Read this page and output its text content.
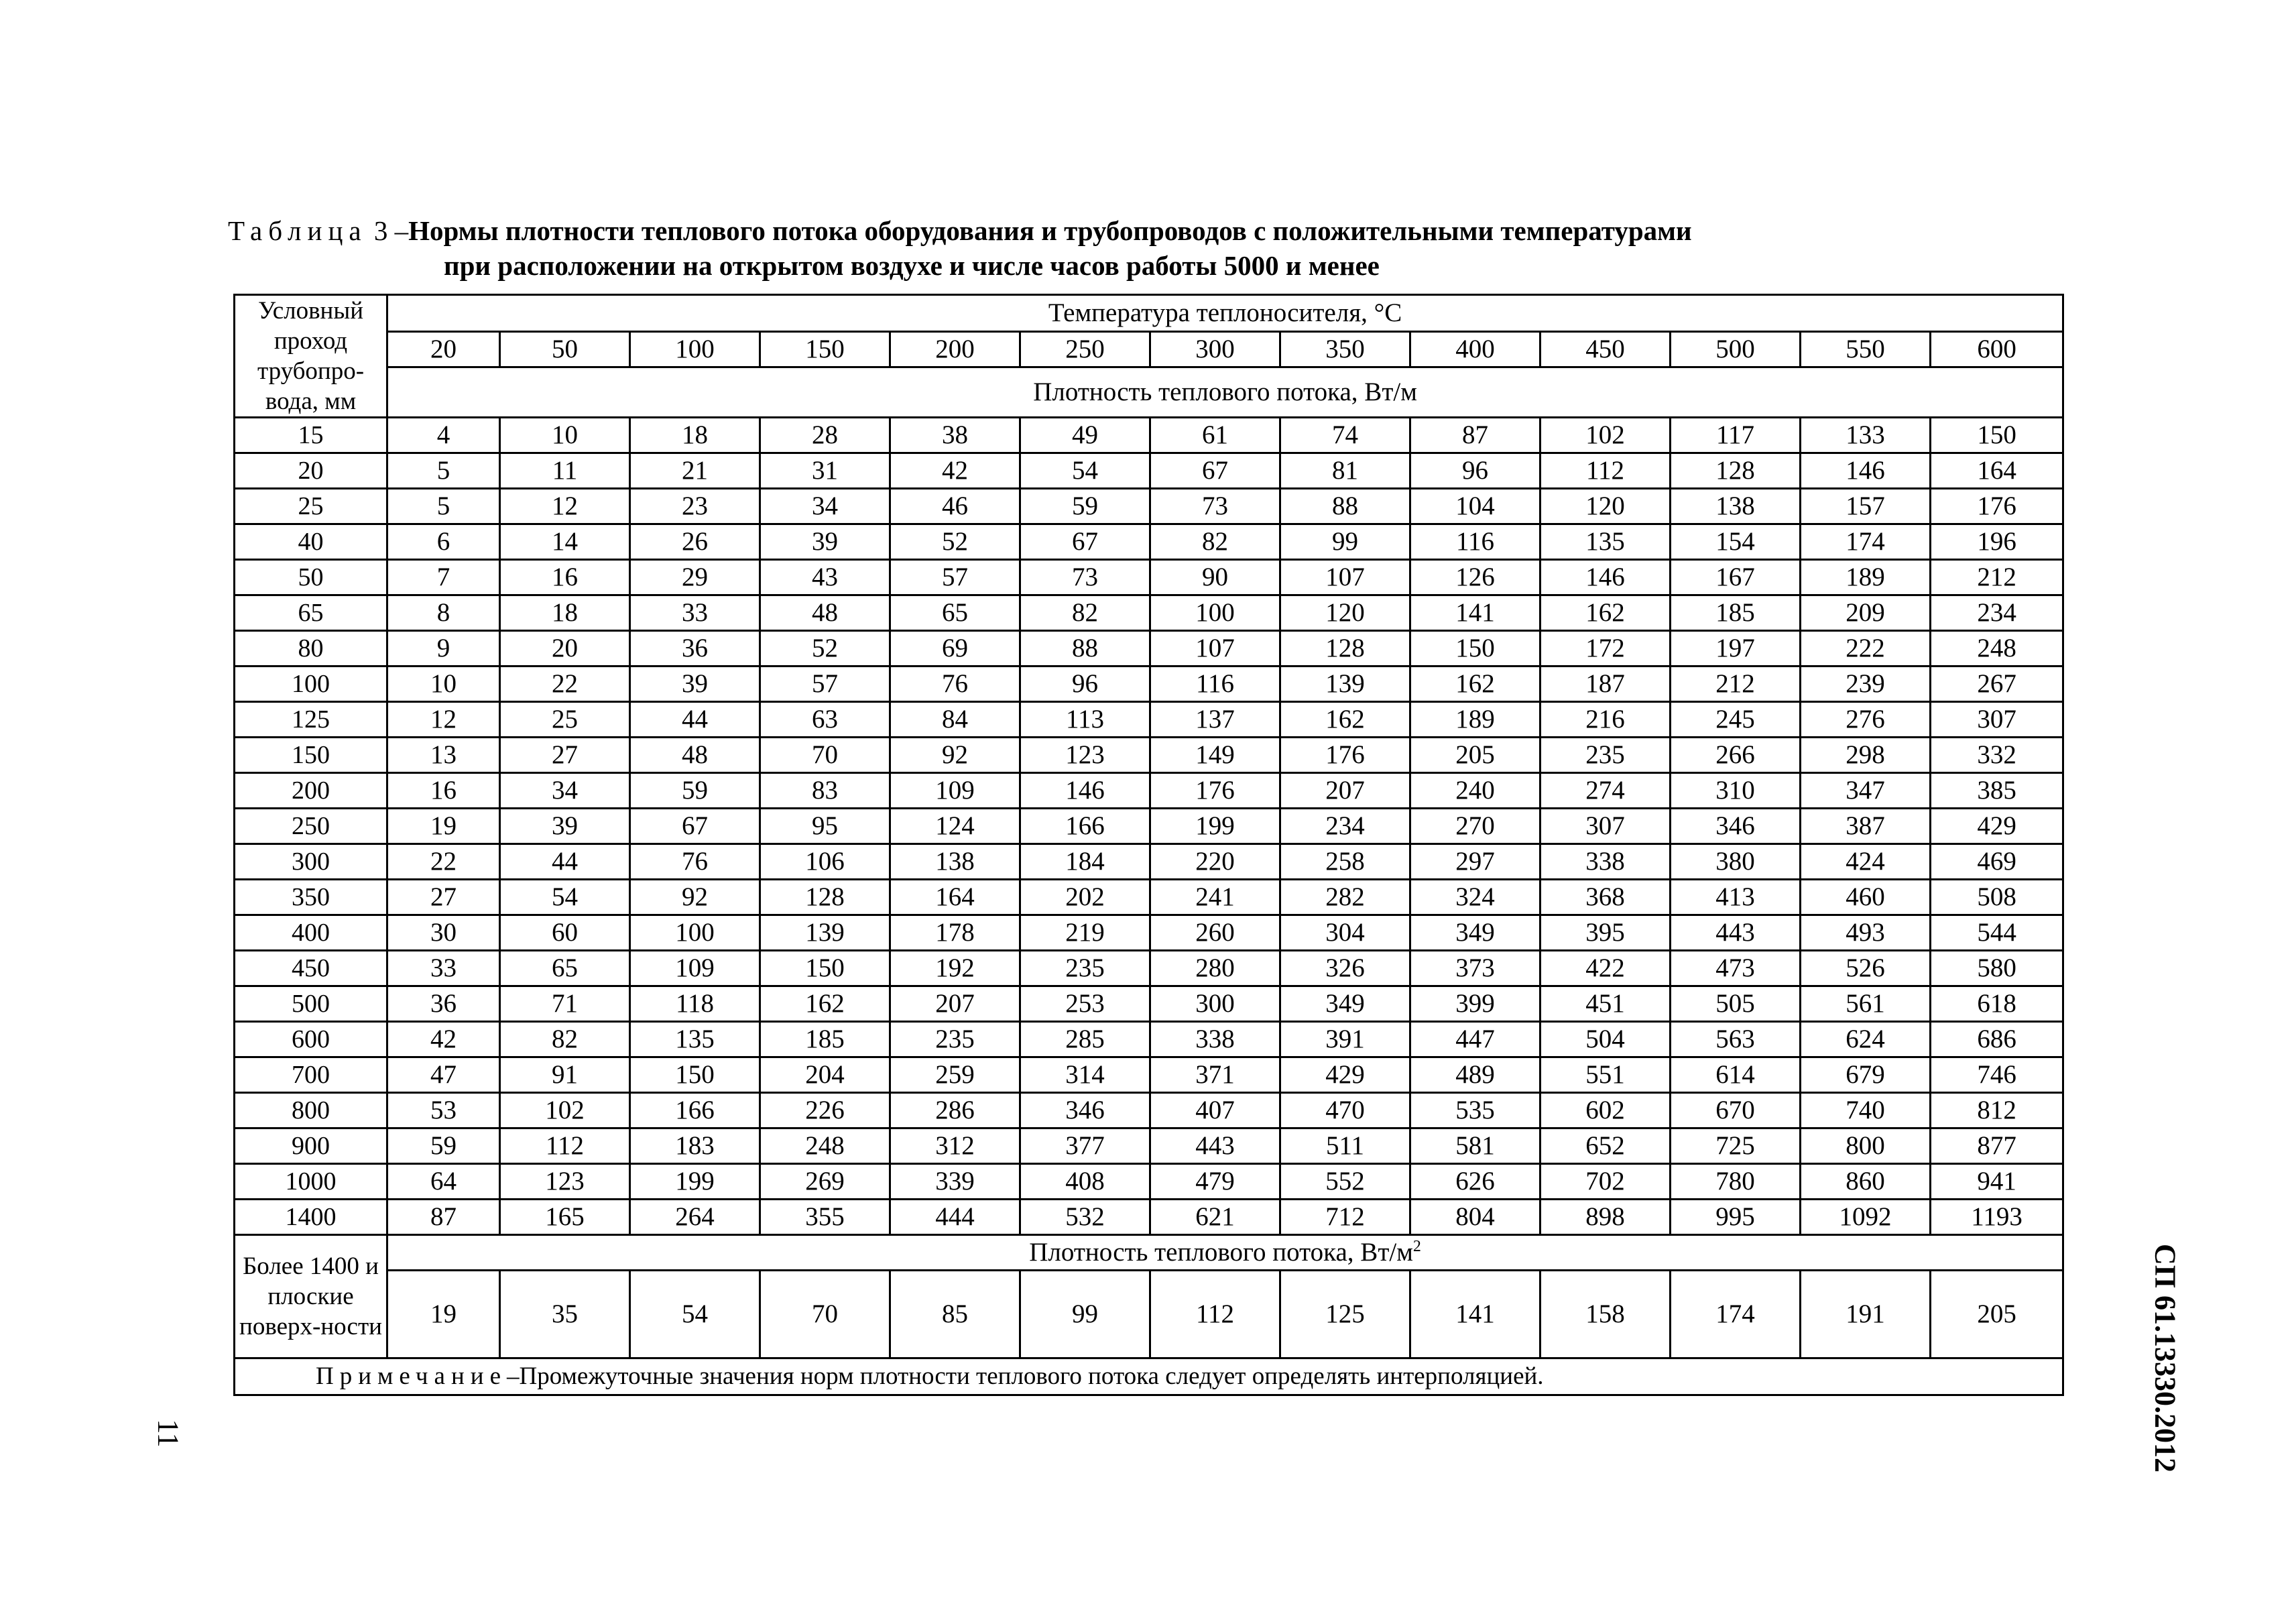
Таблица 3 –Нормы плотности теплового потока оборудования и трубопроводов с положительными температурами
при расположении на открытом воздухе и числе часов работы 5000 и менее
Условный проход трубопро-вода, мм	Температура теплоносителя, °С												
	20	50	100	150	200	250	300	350	400	450	500	550	600
	Плотность теплового потока, Вт/м												
15	4	10	18	28	38	49	61	74	87	102	117	133	150
20	5	11	21	31	42	54	67	81	96	112	128	146	164
25	5	12	23	34	46	59	73	88	104	120	138	157	176
40	6	14	26	39	52	67	82	99	116	135	154	174	196
50	7	16	29	43	57	73	90	107	126	146	167	189	212
65	8	18	33	48	65	82	100	120	141	162	185	209	234
80	9	20	36	52	69	88	107	128	150	172	197	222	248
100	10	22	39	57	76	96	116	139	162	187	212	239	267
125	12	25	44	63	84	113	137	162	189	216	245	276	307
150	13	27	48	70	92	123	149	176	205	235	266	298	332
200	16	34	59	83	109	146	176	207	240	274	310	347	385
250	19	39	67	95	124	166	199	234	270	307	346	387	429
300	22	44	76	106	138	184	220	258	297	338	380	424	469
350	27	54	92	128	164	202	241	282	324	368	413	460	508
400	30	60	100	139	178	219	260	304	349	395	443	493	544
450	33	65	109	150	192	235	280	326	373	422	473	526	580
500	36	71	118	162	207	253	300	349	399	451	505	561	618
600	42	82	135	185	235	285	338	391	447	504	563	624	686
700	47	91	150	204	259	314	371	429	489	551	614	679	746
800	53	102	166	226	286	346	407	470	535	602	670	740	812
900	59	112	183	248	312	377	443	511	581	652	725	800	877
1000	64	123	199	269	339	408	479	552	626	702	780	860	941
1400	87	165	264	355	444	532	621	712	804	898	995	1092	1193
Более 1400 и плоские поверх-ности	Плотность теплового потока, $Вт/м^2$
	19	35	54	70	85	99	112	125	141	158	174	191	205
Примечание–Промежуточные значения норм плотности теплового потока следует определять интерполяцией.													
11	СП 61.13330.2012
